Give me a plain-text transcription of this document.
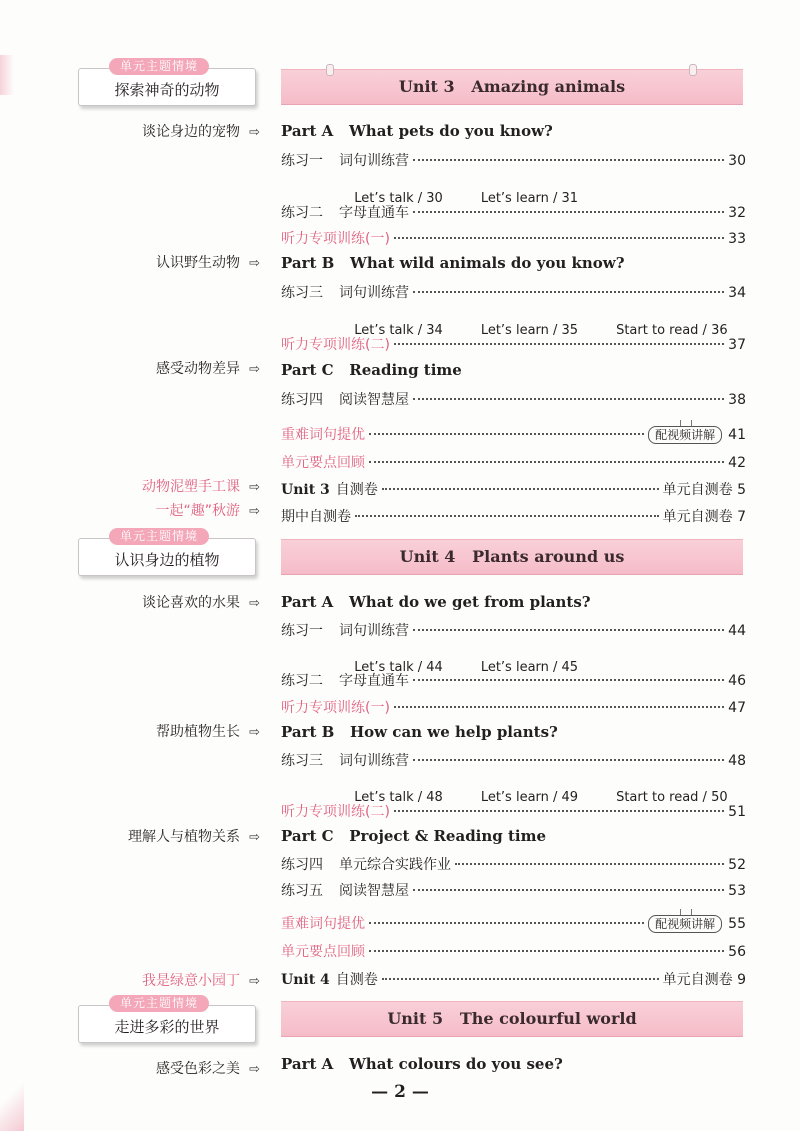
单元主题情境
探索神奇的动物	Unit 3   Amazing animals
谈论身边的宠物 ⇨ Part A   What pets do you know?
练习一 词句训练营	30

Let’s talk / 30	Let’s learn / 31

练习二 字母直通车	32
听力专项训练(一)	33
认识野生动物 ⇨ Part B   What wild animals do you know?
练习三 词句训练营	34

Let’s talk / 34	Let’s learn / 35	Start to read / 36

听力专项训练(二)	37
感受动物差异 ⇨ Part C   Reading time
练习四 阅读智慧屋	38
重难词句提优	配视频讲解 41
单元要点回顾	42
动物泥塑手工课 ⇨ Unit 3 自测卷	单元自测卷 5
一起“趣”秋游 ⇨ 期中自测卷	单元自测卷 7
单元主题情境
认识身边的植物	Unit 4   Plants around us
谈论喜欢的水果 ⇨ Part A   What do we get from plants?
练习一 词句训练营	44

Let’s talk / 44	Let’s learn / 45

练习二 字母直通车	46
听力专项训练(一)	47
帮助植物生长 ⇨ Part B   How can we help plants?
练习三 词句训练营	48

Let’s talk / 48	Let’s learn / 49	Start to read / 50

听力专项训练(二)	51
理解人与植物关系 ⇨ Part C   Project & Reading time
练习四 单元综合实践作业	52
练习五 阅读智慧屋	53
重难词句提优	配视频讲解 55
单元要点回顾	56
我是绿意小园丁 ⇨ Unit 4 自测卷	单元自测卷 9
单元主题情境
走进多彩的世界	Unit 5   The colourful world
感受色彩之美 ⇨ Part A   What colours do you see?
— 2 —
